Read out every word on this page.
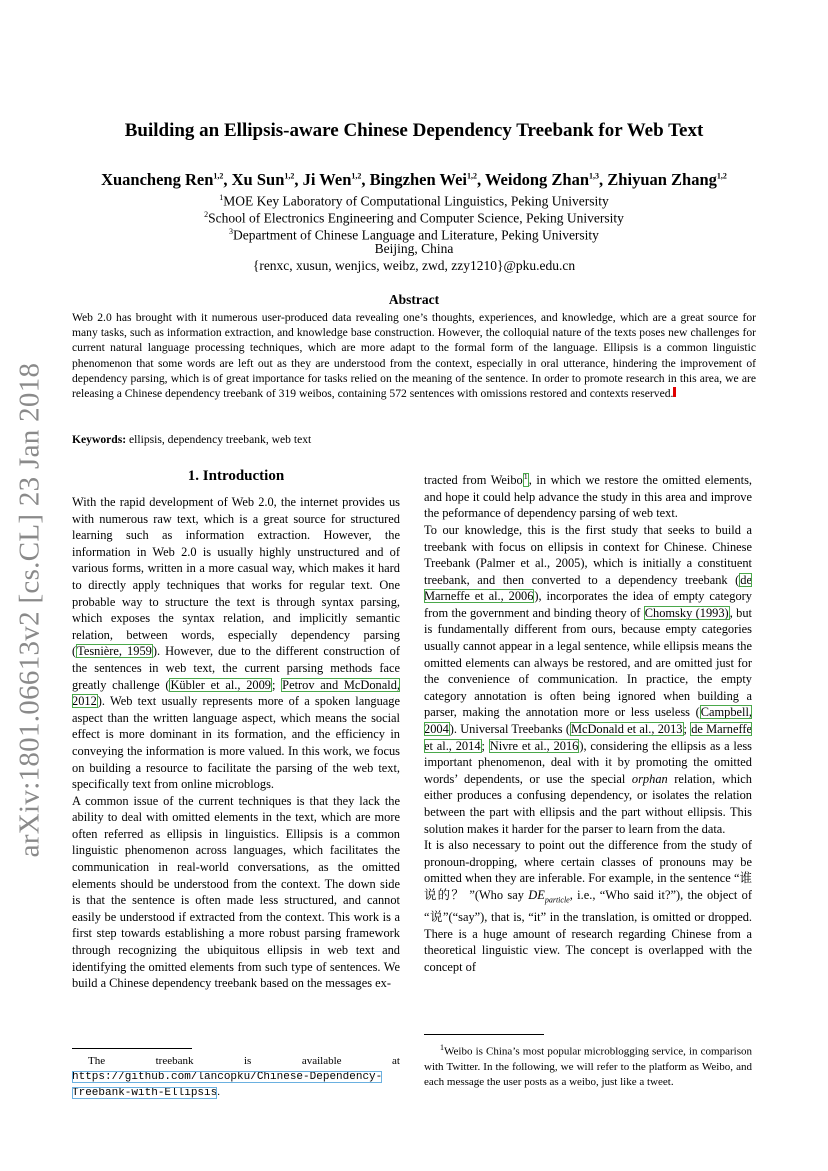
arXiv:1801.06613v2 [cs.CL] 23 Jan 2018
Building an Ellipsis-aware Chinese Dependency Treebank for Web Text
Xuancheng Ren$^{1,2}$, Xu Sun$^{1,2}$, Ji Wen$^{1,2}$, Bingzhen Wei$^{1,2}$, Weidong Zhan$^{1,3}$, Zhiyuan Zhang$^{1,2}$
$^1$MOE Key Laboratory of Computational Linguistics, Peking University
$^2$School of Electronics Engineering and Computer Science, Peking University
$^3$Department of Chinese Language and Literature, Peking University
Beijing, China
{renxc, xusun, wenjics, weibz, zwd, zzy1210}@pku.edu.cn
Abstract
Web 2.0 has brought with it numerous user-produced data revealing one’s thoughts, experiences, and knowledge, which are a great source for many tasks, such as information extraction, and knowledge base construction. However, the colloquial nature of the texts poses new challenges for current natural language processing techniques, which are more adapt to the formal form of the language. Ellipsis is a common linguistic phenomenon that some words are left out as they are understood from the context, especially in oral utterance, hindering the improvement of dependency parsing, which is of great importance for tasks relied on the meaning of the sentence. In order to promote research in this area, we are releasing a Chinese dependency treebank of 319 weibos, containing 572 sentences with omissions restored and contexts reserved.
Keywords: ellipsis, dependency treebank, web text
1. Introduction

With the rapid development of Web 2.0, the internet provides us with numerous raw text, which is a great source for structured learning such as information extraction. However, the information in Web 2.0 is usually highly unstructured and of various forms, written in a more casual way, which makes it hard to directly apply techniques that works for regular text. One probable way to structure the text is through syntax parsing, which exposes the syntax relation, and implicitly semantic relation, between words, especially dependency parsing (Tesnière, 1959). However, due to the different construction of the sentences in web text, the current parsing methods face greatly challenge (Kübler et al., 2009; Petrov and McDonald, 2012). Web text usually represents more of a spoken language aspect than the written language aspect, which means the social effect is more dominant in its formation, and the efficiency in conveying the information is more valued. In this work, we focus on building a resource to facilitate the parsing of the web text, specifically text from online microblogs.

A common issue of the current techniques is that they lack the ability to deal with omitted elements in the text, which are more often referred as ellipsis in linguistics. Ellipsis is a common linguistic phenomenon across languages, which facilitates the communication in real-world conversations, as the omitted elements should be understood from the context. The down side is that the sentence is often made less structured, and cannot easily be understood if extracted from the context. This work is a first step towards establishing a more robust parsing framework through recognizing the ubiquitous ellipsis in web text and identifying the omitted elements from such type of sentences. We build a Chinese dependency treebank based on the messages ex-

The treebank is available at https://github.com/lancopku/Chinese-Dependency-Treebank-with-Ellipsis.

tracted from Weibo$^1$, in which we restore the omitted elements, and hope it could help advance the study in this area and improve the peformance of dependency parsing of web text.

To our knowledge, this is the first study that seeks to build a treebank with focus on ellipsis in context for Chinese. Chinese Treebank (Palmer et al., 2005), which is initially a constituent treebank, and then converted to a dependency treebank (de Marneffe et al., 2006), incorporates the idea of empty category from the government and binding theory of Chomsky (1993), but is fundamentally different from ours, because empty categories usually cannot appear in a legal sentence, while ellipsis means the omitted elements can always be restored, and are omitted just for the convenience of communication. In practice, the empty category annotation is often being ignored when building a parser, making the annotation more or less useless (Campbell, 2004). Universal Treebanks (McDonald et al., 2013; de Marneffe et al., 2014; Nivre et al., 2016), considering the ellipsis as a less important phenomenon, deal with it by promoting the omitted words’ dependents, or use the special orphan relation, which either produces a confusing dependency, or isolates the relation between the part with ellipsis and the part without ellipsis. This solution makes it harder for the parser to learn from the data.

It is also necessary to point out the difference from the study of pronoun-dropping, where certain classes of pronouns may be omitted when they are inferable. For example, in the sentence “谁说的？ ”(Who say $DE_{particle}$, i.e., “Who said it?”), the object of “说”(“say”), that is, “it” in the translation, is omitted or dropped. There is a huge amount of research regarding Chinese from a theoretical linguistic view. The concept is overlapped with the concept of

$^1$Weibo is China’s most popular microblogging service, in comparison with Twitter. In the following, we will refer to the platform as Weibo, and each message the user posts as a weibo, just like a tweet.
